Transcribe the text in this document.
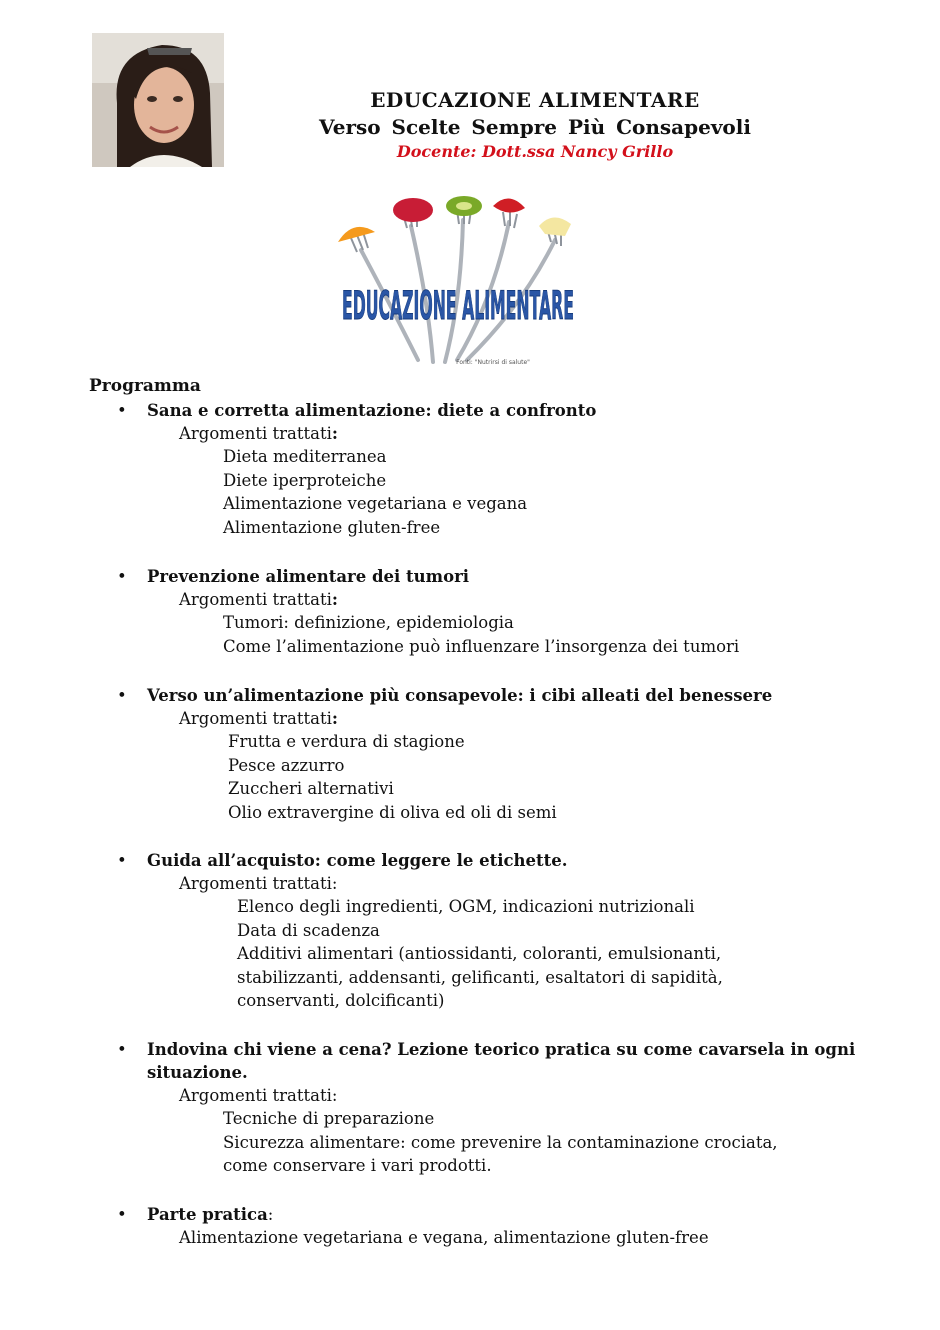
EDUCAZIONE ALIMENTARE
Verso Scelte Sempre Più Consapevoli
Docente: Dott.ssa Nancy Grillo
EDUCAZIONE ALIMENTARE
Fonti: "Nutrirsi di salute"
Programma
• Sana e corretta alimentazione: diete a confronto
Argomenti trattati:
Dieta mediterranea
Diete iperproteiche
Alimentazione vegetariana e vegana
Alimentazione gluten-free
• Prevenzione alimentare dei tumori
Argomenti trattati:
Tumori: definizione, epidemiologia
Come l’alimentazione può influenzare l’insorgenza dei tumori
• Verso un’alimentazione più consapevole: i cibi alleati del benessere
Argomenti trattati:
Frutta e verdura di stagione
Pesce azzurro
Zuccheri alternativi
Olio extravergine di oliva ed oli di semi
• Guida all’acquisto: come leggere le etichette.
Argomenti trattati:
Elenco degli ingredienti, OGM, indicazioni nutrizionali
Data di scadenza
Additivi alimentari (antiossidanti, coloranti, emulsionanti,
stabilizzanti, addensanti, gelificanti, esaltatori di sapidità,
conservanti, dolcificanti)
• Indovina chi viene a cena? Lezione teorico pratica su come cavarsela in ogni
situazione.
Argomenti trattati:
Tecniche di preparazione
Sicurezza alimentare: come prevenire la contaminazione crociata,
come conservare i vari prodotti.
• Parte pratica:
Alimentazione vegetariana e vegana, alimentazione gluten-free
